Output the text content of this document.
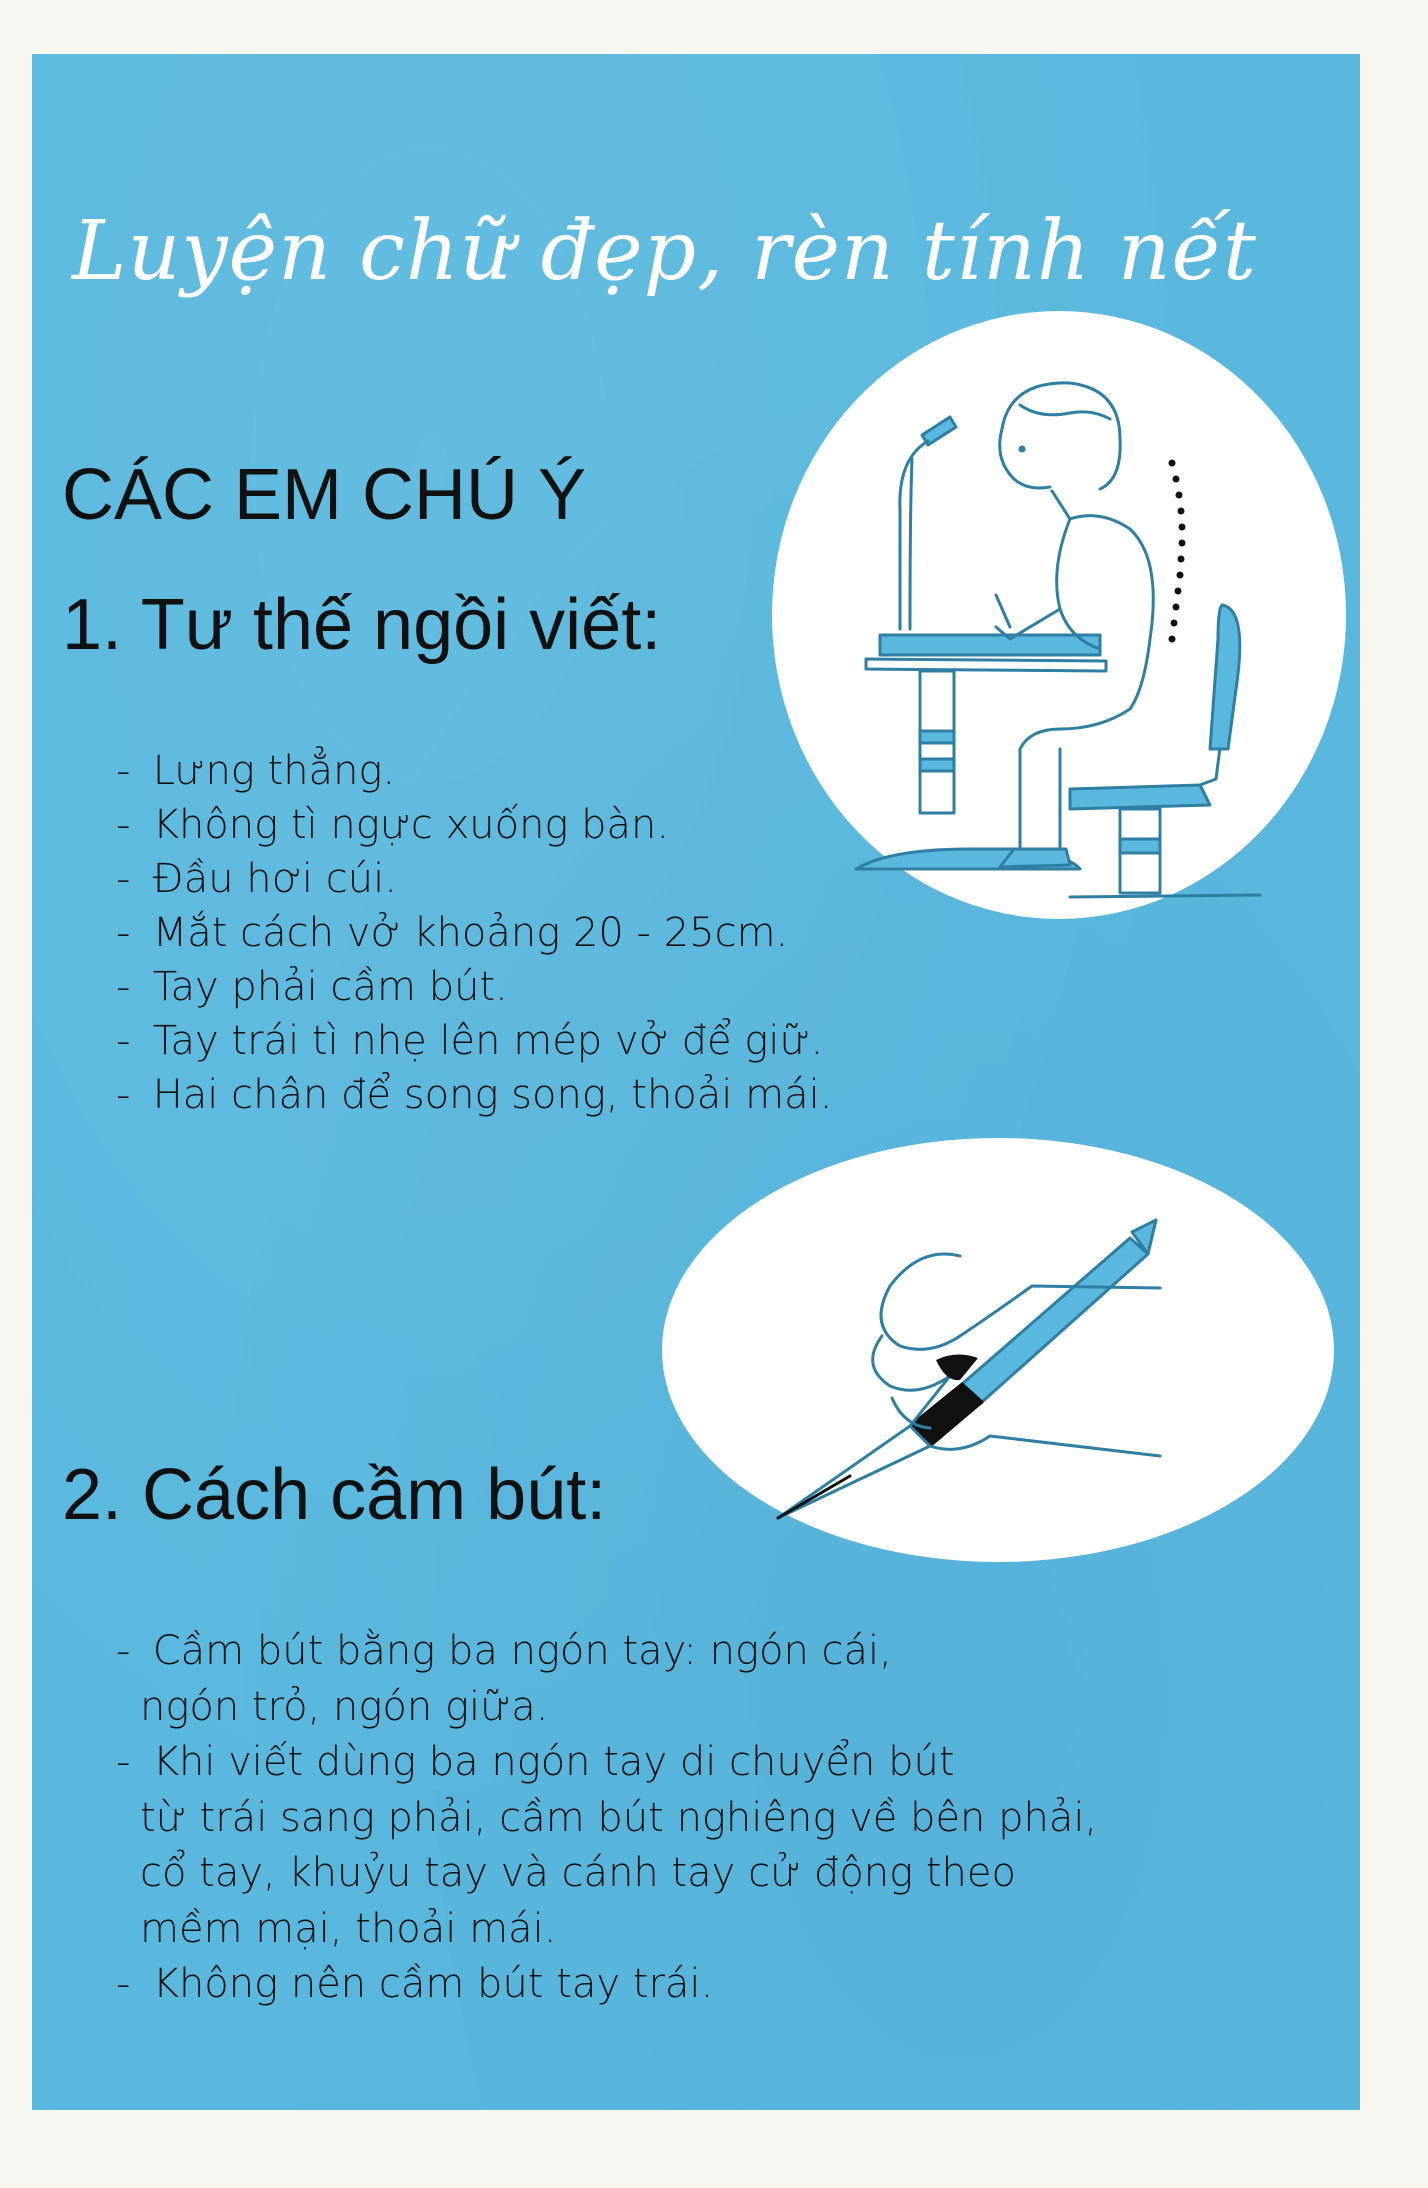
Luyện chữ đẹp, rèn tính nết
CÁC EM CHÚ Ý
1. Tư thế ngồi viết:
- Lưng thẳng.
- Không tì ngực xuống bàn.
- Đầu hơi cúi.
- Mắt cách vở khoảng 20 - 25cm.
- Tay phải cầm bút.
- Tay trái tì nhẹ lên mép vở để giữ.
- Hai chân để song song, thoải mái.
2. Cách cầm bút:
- Cầm bút bằng ba ngón tay: ngón cái,
ngón trỏ, ngón giữa.
- Khi viết dùng ba ngón tay di chuyển bút
từ trái sang phải, cầm bút nghiêng về bên phải,
cổ tay, khuỷu tay và cánh tay cử động theo
mềm mại, thoải mái.
- Không nên cầm bút tay trái.
